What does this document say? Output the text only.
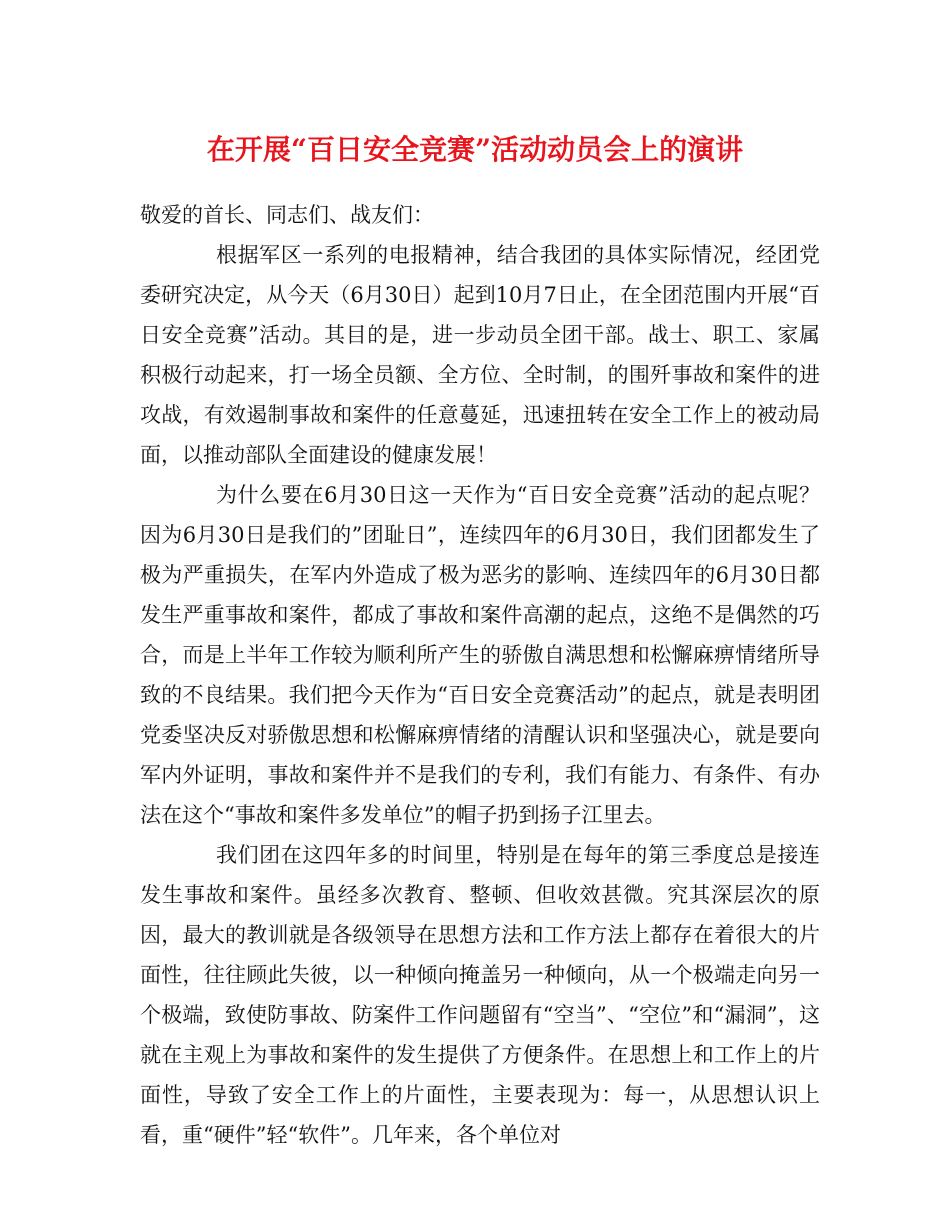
在开展“百日安全竞赛”活动动员会上的演讲

敬爱的首长、同志们、战友们：

根据军区一系列的电报精神，结合我团的具体实际情况，经团党委研究决定，从今天（6月30日）起到10月7日止，在全团范围内开展“百日安全竞赛”活动。其目的是，进一步动员全团干部。战士、职工、家属积极行动起来，打一场全员额、全方位、全时制，的围歼事故和案件的进攻战，有效遏制事故和案件的任意蔓延，迅速扭转在安全工作上的被动局面，以推动部队全面建设的健康发展！

为什么要在6月30日这一天作为“百日安全竞赛”活动的起点呢？因为6月30日是我们的”团耻日”，连续四年的6月30日，我们团都发生了极为严重损失，在军内外造成了极为恶劣的影响、连续四年的6月30日都发生严重事故和案件，都成了事故和案件高潮的起点，这绝不是偶然的巧合，而是上半年工作较为顺利所产生的骄傲自满思想和松懈麻痹情绪所导致的不良结果。我们把今天作为“百日安全竞赛活动”的起点，就是表明团党委坚决反对骄傲思想和松懈麻痹情绪的清醒认识和坚强决心，就是要向军内外证明，事故和案件并不是我们的专利，我们有能力、有条件、有办法在这个“事故和案件多发单位”的帽子扔到扬子江里去。

我们团在这四年多的时间里，特别是在每年的第三季度总是接连发生事故和案件。虽经多次教育、整顿、但收效甚微。究其深层次的原因，最大的教训就是各级领导在思想方法和工作方法上都存在着很大的片面性，往往顾此失彼，以一种倾向掩盖另一种倾向，从一个极端走向另一个极端，致使防事故、防案件工作问题留有“空当”、“空位”和“漏洞”，这就在主观上为事故和案件的发生提供了方便条件。在思想上和工作上的片面性，导致了安全工作上的片面性，主要表现为：每一，从思想认识上看，重“硬件”轻“软件”。几年来，各个单位对
